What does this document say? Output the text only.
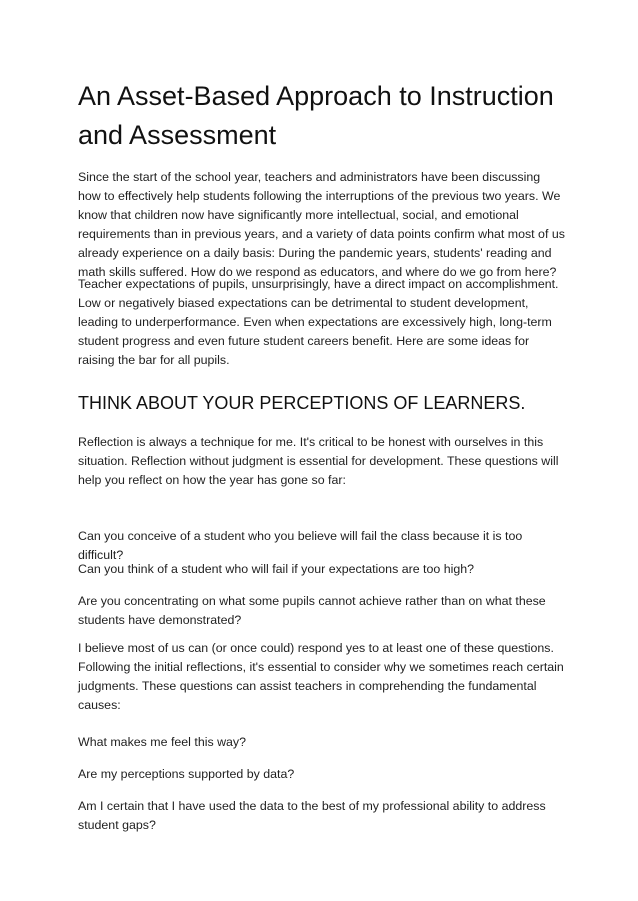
An Asset-Based Approach to Instruction and Assessment

Since the start of the school year, teachers and administrators have been discussing how to effectively help students following the interruptions of the previous two years. We know that children now have significantly more intellectual, social, and emotional requirements than in previous years, and a variety of data points confirm what most of us already experience on a daily basis: During the pandemic years, students' reading and math skills suffered. How do we respond as educators, and where do we go from here?

Teacher expectations of pupils, unsurprisingly, have a direct impact on accomplishment. Low or negatively biased expectations can be detrimental to student development, leading to underperformance. Even when expectations are excessively high, long-term student progress and even future student careers benefit. Here are some ideas for raising the bar for all pupils.

THINK ABOUT YOUR PERCEPTIONS OF LEARNERS.

Reflection is always a technique for me. It's critical to be honest with ourselves in this situation. Reflection without judgment is essential for development. These questions will help you reflect on how the year has gone so far:

Can you conceive of a student who you believe will fail the class because it is too difficult?

Can you think of a student who will fail if your expectations are too high?

Are you concentrating on what some pupils cannot achieve rather than on what these students have demonstrated?

I believe most of us can (or once could) respond yes to at least one of these questions. Following the initial reflections, it's essential to consider why we sometimes reach certain judgments. These questions can assist teachers in comprehending the fundamental causes:

What makes me feel this way?

Are my perceptions supported by data?

Am I certain that I have used the data to the best of my professional ability to address student gaps?
